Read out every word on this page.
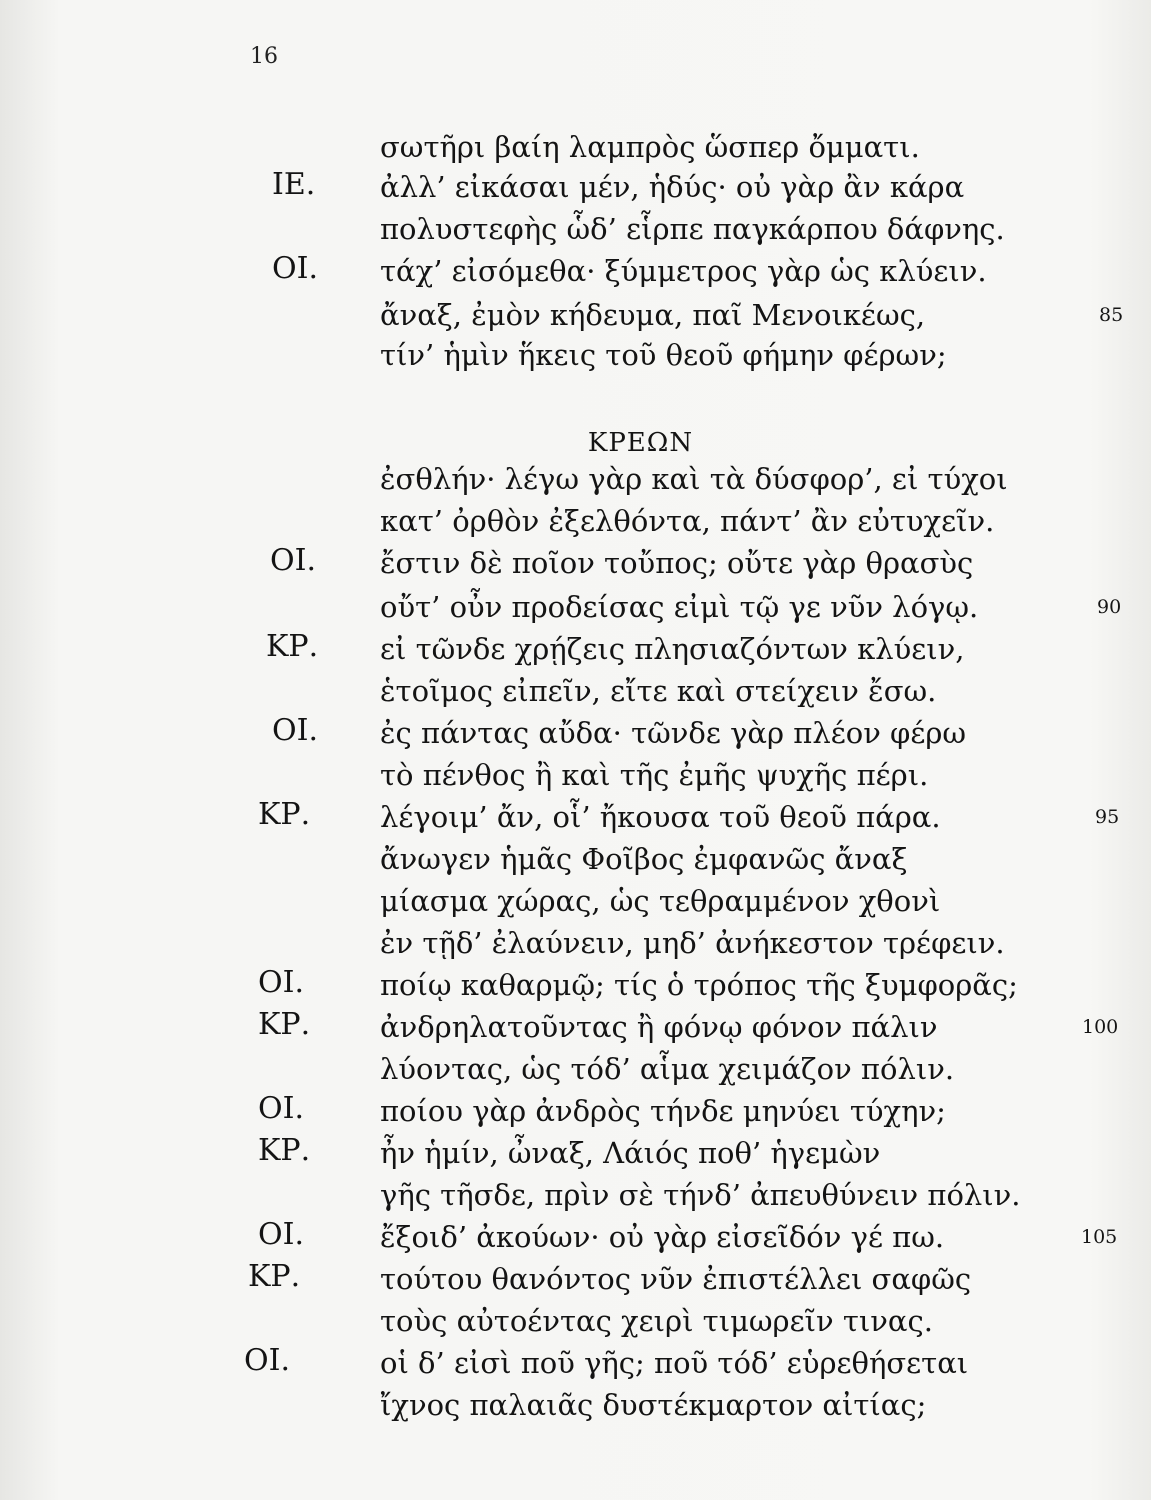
16
ΚΡΕΩΝ
σωτῆρι βαίη λαμπρὸς ὥσπερ ὄμματι.
ΙΕ. ἀλλ’ εἰκάσαι μέν, ἡδύς· οὐ γὰρ ἂν κάρα
πολυστεφὴς ὧδ’ εἷρπε παγκάρπου δάφνης.
ΟΙ. τάχ’ εἰσόμεθα· ξύμμετρος γὰρ ὡς κλύειν.
ἄναξ, ἐμὸν κήδευμα, παῖ Μενοικέως,	85
τίν’ ἡμὶν ἥκεις τοῦ θεοῦ φήμην φέρων;
ἐσθλήν· λέγω γὰρ καὶ τὰ δύσφορ’, εἰ τύχοι
κατ’ ὀρθὸν ἐξελθόντα, πάντ’ ἂν εὐτυχεῖν.
ΟΙ. ἔστιν δὲ ποῖον τοὔπος; οὔτε γὰρ θρασὺς
οὔτ’ οὖν προδείσας εἰμὶ τῷ γε νῦν λόγῳ.	90
ΚΡ. εἰ τῶνδε χρῄζεις πλησιαζόντων κλύειν,
ἑτοῖμος εἰπεῖν, εἴτε καὶ στείχειν ἔσω.
ΟΙ. ἐς πάντας αὔδα· τῶνδε γὰρ πλέον φέρω
τὸ πένθος ἢ καὶ τῆς ἐμῆς ψυχῆς πέρι.
ΚΡ. λέγοιμ’ ἄν, οἷ’ ἤκουσα τοῦ θεοῦ πάρα.	95
ἄνωγεν ἡμᾶς Φοῖβος ἐμφανῶς ἄναξ
μίασμα χώρας, ὡς τεθραμμένον χθονὶ
ἐν τῇδ’ ἐλαύνειν, μηδ’ ἀνήκεστον τρέφειν.
ΟΙ.	ποίῳ καθαρμῷ; τίς ὁ τρόπος τῆς ξυμφορᾶς;
ΚΡ. ἀνδρηλατοῦντας ἢ φόνῳ φόνον πάλιν	100
λύοντας, ὡς τόδ’ αἷμα χειμάζον πόλιν.
ΟΙ.	ποίου γὰρ ἀνδρὸς τήνδε μηνύει τύχην;
ΚΡ. ἦν ἡμίν, ὦναξ, Λάιός ποθ’ ἡγεμὼν
γῆς τῆσδε, πρὶν σὲ τήνδ’ ἀπευθύνειν πόλιν.
ΟΙ.	ἔξοιδ’ ἀκούων· οὐ γὰρ εἰσεῖδόν γέ πω.	105
ΚΡ.	τούτου θανόντος νῦν ἐπιστέλλει σαφῶς
τοὺς αὐτοέντας χειρὶ τιμωρεῖν τινας.
ΟΙ.	οἱ δ’ εἰσὶ ποῦ γῆς; ποῦ τόδ’ εὑρεθήσεται
ἴχνος παλαιᾶς δυστέκμαρτον αἰτίας;
